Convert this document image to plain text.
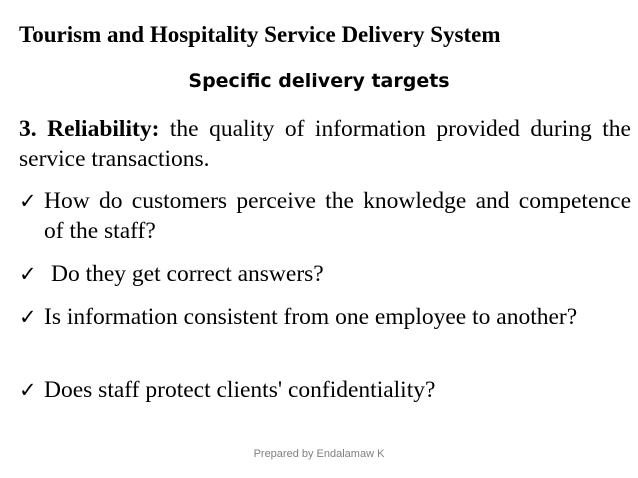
Tourism and Hospitality Service Delivery System
Specific delivery targets
3. Reliability: the quality of information provided during the service transactions.
✓ How do customers perceive the knowledge and competence of the staff?
✓ Do they get correct answers?
✓ Is information consistent from one employee to another?
✓ Does staff protect clients' confidentiality?
Prepared by Endalamaw K
